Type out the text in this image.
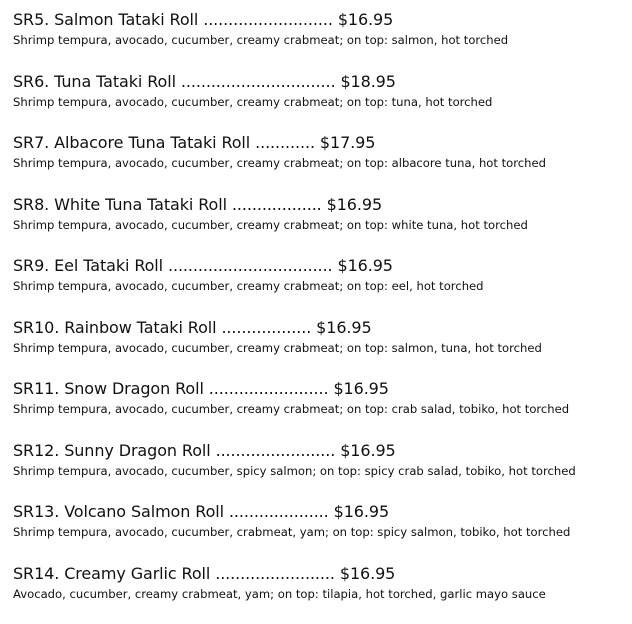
SR5. Salmon Tataki Roll .......................... $16.95
Shrimp tempura, avocado, cucumber, creamy crabmeat; on top: salmon, hot torched
SR6. Tuna Tataki Roll ............................... $18.95
Shrimp tempura, avocado, cucumber, creamy crabmeat; on top: tuna, hot torched
SR7. Albacore Tuna Tataki Roll ............ $17.95
Shrimp tempura, avocado, cucumber, creamy crabmeat; on top: albacore tuna, hot torched
SR8. White Tuna Tataki Roll .................. $16.95
Shrimp tempura, avocado, cucumber, creamy crabmeat; on top: white tuna, hot torched
SR9. Eel Tataki Roll ................................. $16.95
Shrimp tempura, avocado, cucumber, creamy crabmeat; on top: eel, hot torched
SR10. Rainbow Tataki Roll .................. $16.95
Shrimp tempura, avocado, cucumber, creamy crabmeat; on top: salmon, tuna, hot torched
SR11. Snow Dragon Roll ........................ $16.95
Shrimp tempura, avocado, cucumber, creamy crabmeat; on top: crab salad, tobiko, hot torched
SR12. Sunny Dragon Roll ........................ $16.95
Shrimp tempura, avocado, cucumber, spicy salmon; on top: spicy crab salad, tobiko, hot torched
SR13. Volcano Salmon Roll .................... $16.95
Shrimp tempura, avocado, cucumber, crabmeat, yam; on top: spicy salmon, tobiko, hot torched
SR14. Creamy Garlic Roll ........................ $16.95
Avocado, cucumber, creamy crabmeat, yam; on top: tilapia, hot torched, garlic mayo sauce
